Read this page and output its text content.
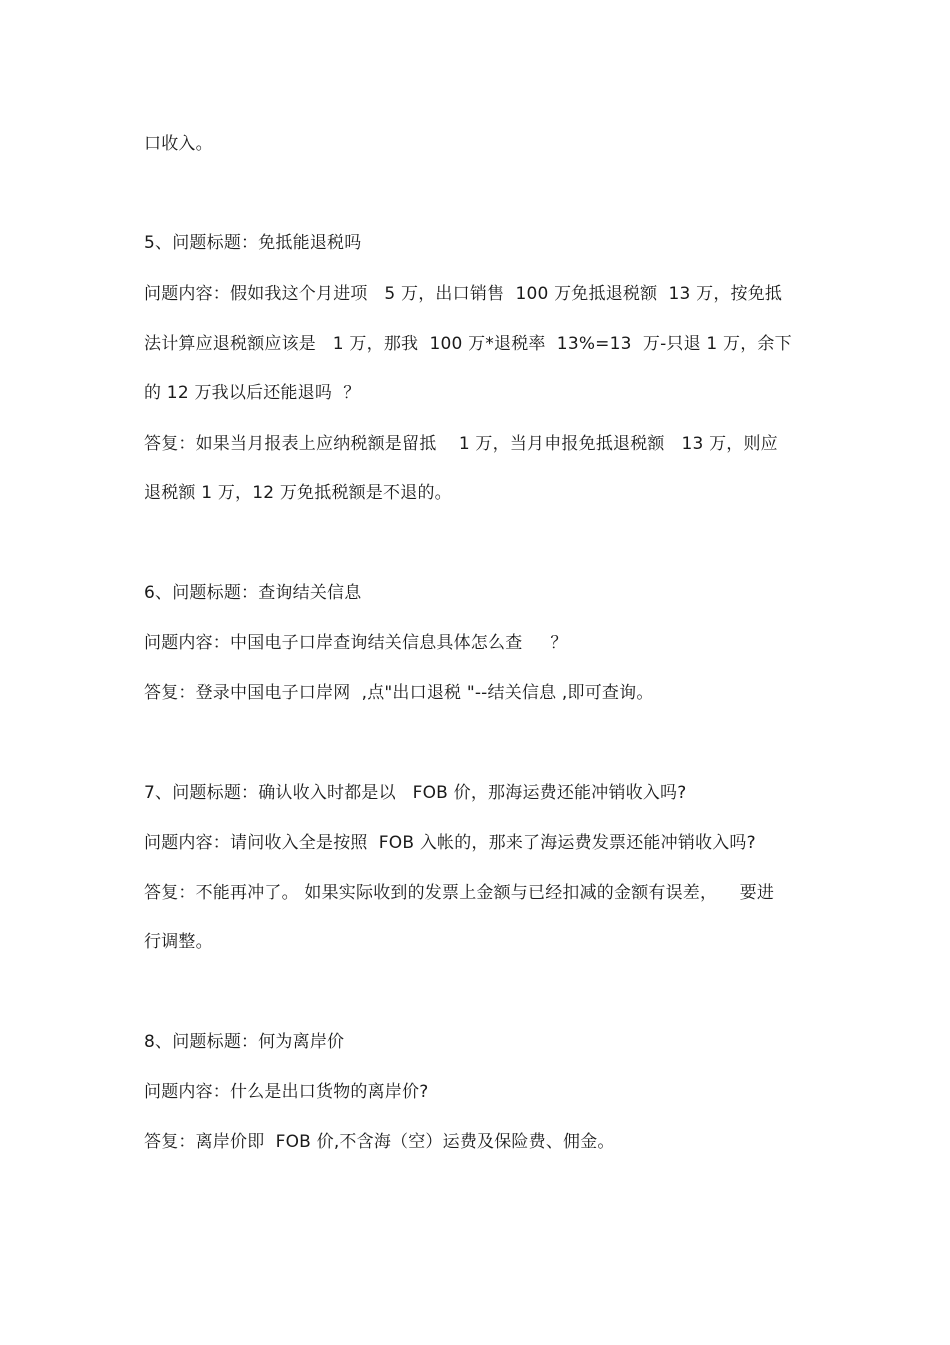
口收入。
5、问题标题：免抵能退税吗
问题内容：假如我这个月进项   5 万，出口销售  100 万免抵退税额  13 万，按免抵
法计算应退税额应该是   1 万，那我  100 万*退税率  13%=13  万-只退 1 万，余下
的 12 万我以后还能退吗  ？
答复：如果当月报表上应纳税额是留抵    1 万，当月申报免抵退税额   13 万，则应
退税额 1 万，12 万免抵税额是不退的。
6、问题标题：查询结关信息
问题内容：中国电子口岸查询结关信息具体怎么查     ？
答复：登录中国电子口岸网  ,点"出口退税 "--结关信息 ,即可查询。
7、问题标题：确认收入时都是以   FOB 价，那海运费还能冲销收入吗?
问题内容：请问收入全是按照  FOB 入帐的，那来了海运费发票还能冲销收入吗?
答复：不能再冲了。 如果实际收到的发票上金额与已经扣减的金额有误差，    要进
行调整。
8、问题标题：何为离岸价
问题内容：什么是出口货物的离岸价?
答复：离岸价即  FOB 价,不含海（空）运费及保险费、佣金。
